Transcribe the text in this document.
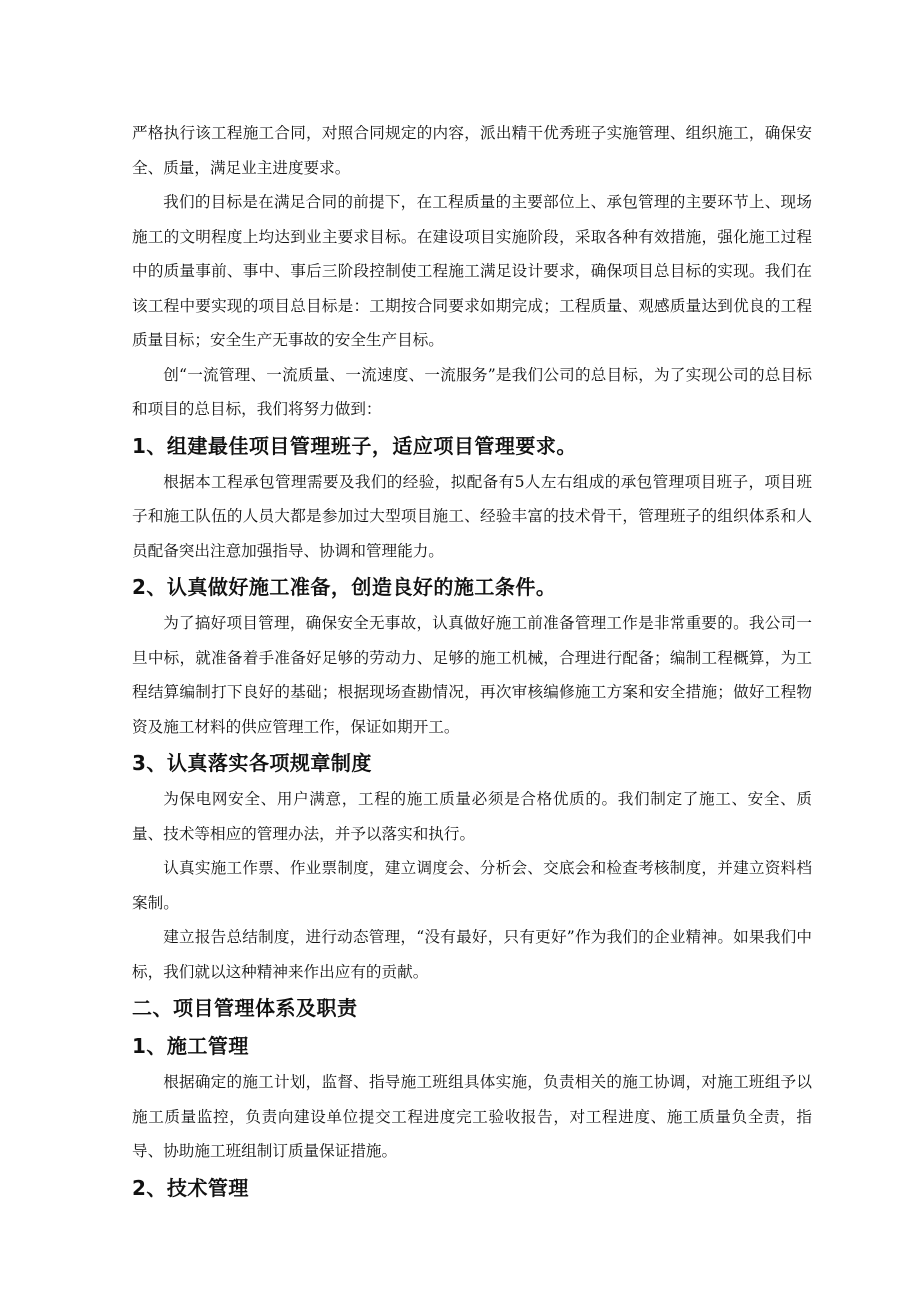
严格执行该工程施工合同，对照合同规定的内容，派出精干优秀班子实施管理、组织施工，确保安全、质量，满足业主进度要求。

我们的目标是在满足合同的前提下，在工程质量的主要部位上、承包管理的主要环节上、现场施工的文明程度上均达到业主要求目标。在建设项目实施阶段，采取各种有效措施，强化施工过程中的质量事前、事中、事后三阶段控制使工程施工满足设计要求，确保项目总目标的实现。我们在该工程中要实现的项目总目标是：工期按合同要求如期完成；工程质量、观感质量达到优良的工程质量目标；安全生产无事故的安全生产目标。

创“一流管理、一流质量、一流速度、一流服务”是我们公司的总目标，为了实现公司的总目标和项目的总目标，我们将努力做到：

1、组建最佳项目管理班子，适应项目管理要求。

根据本工程承包管理需要及我们的经验，拟配备有5人左右组成的承包管理项目班子，项目班子和施工队伍的人员大都是参加过大型项目施工、经验丰富的技术骨干，管理班子的组织体系和人员配备突出注意加强指导、协调和管理能力。

2、认真做好施工准备，创造良好的施工条件。

为了搞好项目管理，确保安全无事故，认真做好施工前准备管理工作是非常重要的。我公司一旦中标，就准备着手准备好足够的劳动力、足够的施工机械，合理进行配备；编制工程概算，为工程结算编制打下良好的基础；根据现场查勘情况，再次审核编修施工方案和安全措施；做好工程物资及施工材料的供应管理工作，保证如期开工。

3、认真落实各项规章制度

为保电网安全、用户满意，工程的施工质量必须是合格优质的。我们制定了施工、安全、质量、技术等相应的管理办法，并予以落实和执行。

认真实施工作票、作业票制度，建立调度会、分析会、交底会和检查考核制度，并建立资料档案制。

建立报告总结制度，进行动态管理，“没有最好，只有更好”作为我们的企业精神。如果我们中标，我们就以这种精神来作出应有的贡献。

二、项目管理体系及职责
1、施工管理

根据确定的施工计划，监督、指导施工班组具体实施，负责相关的施工协调，对施工班组予以施工质量监控，负责向建设单位提交工程进度完工验收报告，对工程进度、施工质量负全责，指导、协助施工班组制订质量保证措施。

2、技术管理
